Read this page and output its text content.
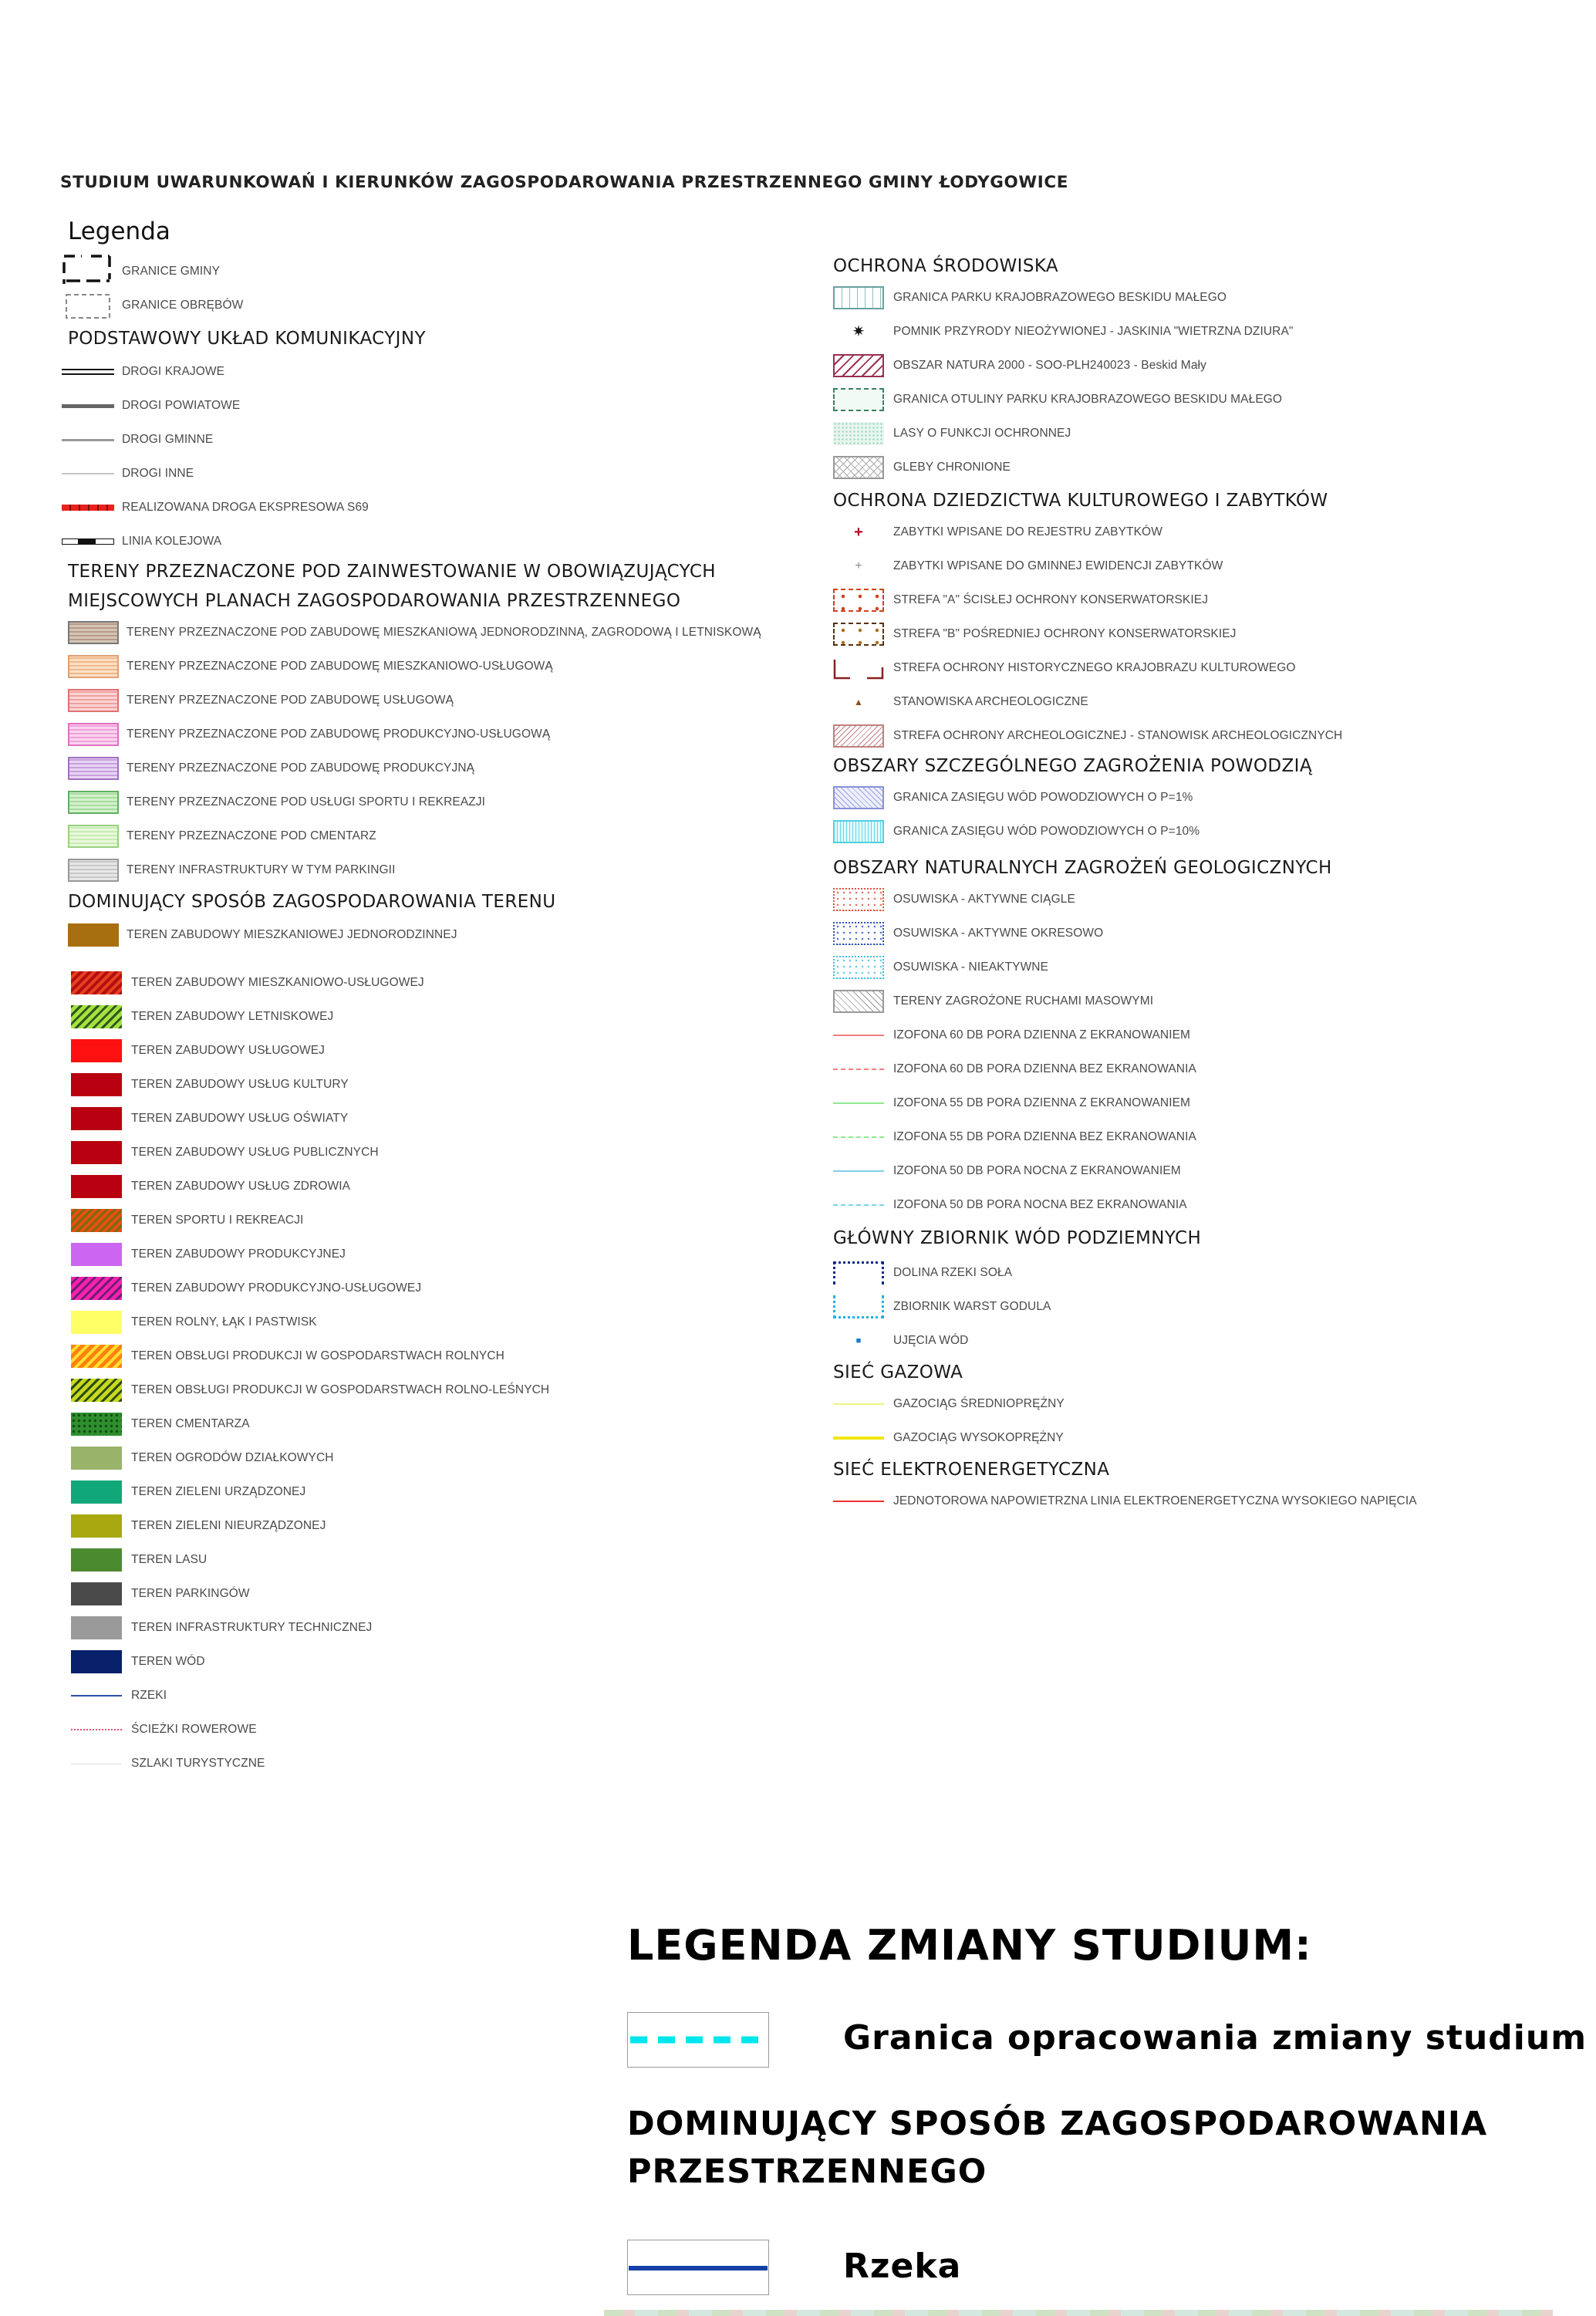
STUDIUM UWARUNKOWAŃ I KIERUNKÓW ZAGOSPODAROWANIA PRZESTRZENNEGO GMINY ŁODYGOWICE
Legenda
GRANICE GMINY
GRANICE OBRĘBÓW
PODSTAWOWY UKŁAD KOMUNIKACYJNY
DROGI KRAJOWE
DROGI POWIATOWE
DROGI GMINNE
DROGI INNE
REALIZOWANA DROGA EKSPRESOWA S69
LINIA KOLEJOWA
TERENY PRZEZNACZONE POD ZAINWESTOWANIE W OBOWIĄZUJĄCYCH
MIEJSCOWYCH PLANACH ZAGOSPODAROWANIA PRZESTRZENNEGO
TERENY PRZEZNACZONE POD ZABUDOWĘ MIESZKANIOWĄ JEDNORODZINNĄ, ZAGRODOWĄ I LETNISKOWĄ
TERENY PRZEZNACZONE POD ZABUDOWĘ MIESZKANIOWO-USŁUGOWĄ
TERENY PRZEZNACZONE POD ZABUDOWĘ USŁUGOWĄ
TERENY PRZEZNACZONE POD ZABUDOWĘ PRODUKCYJNO-USŁUGOWĄ
TERENY PRZEZNACZONE POD ZABUDOWĘ PRODUKCYJNĄ
TERENY PRZEZNACZONE POD USŁUGI SPORTU I REKREAZJI
TERENY PRZEZNACZONE POD CMENTARZ
TERENY INFRASTRUKTURY W TYM PARKINGII
DOMINUJĄCY SPOSÓB ZAGOSPODAROWANIA TERENU
TEREN ZABUDOWY MIESZKANIOWEJ JEDNORODZINNEJ
TEREN ZABUDOWY MIESZKANIOWO-USŁUGOWEJ
TEREN ZABUDOWY LETNISKOWEJ
TEREN ZABUDOWY USŁUGOWEJ
TEREN ZABUDOWY USŁUG KULTURY
TEREN ZABUDOWY USŁUG OŚWIATY
TEREN ZABUDOWY USŁUG PUBLICZNYCH
TEREN ZABUDOWY USŁUG ZDROWIA
TEREN SPORTU I REKREACJI
TEREN ZABUDOWY PRODUKCYJNEJ
TEREN ZABUDOWY PRODUKCYJNO-USŁUGOWEJ
TEREN ROLNY, ŁĄK I PASTWISK
TEREN OBSŁUGI PRODUKCJI W GOSPODARSTWACH ROLNYCH
TEREN OBSŁUGI PRODUKCJI W GOSPODARSTWACH ROLNO-LEŚNYCH
TEREN CMENTARZA
TEREN OGRODÓW DZIAŁKOWYCH
TEREN ZIELENI URZĄDZONEJ
TEREN ZIELENI NIEURZĄDZONEJ
TEREN LASU
TEREN PARKINGÓW
TEREN INFRASTRUKTURY TECHNICZNEJ
TEREN WÓD
RZEKI
ŚCIEŻKI ROWEROWE
SZLAKI TURYSTYCZNE
OCHRONA ŚRODOWISKA
GRANICA PARKU KRAJOBRAZOWEGO BESKIDU MAŁEGO
✷	POMNIK PRZYRODY NIEOŻYWIONEJ - JASKINIA "WIETRZNA DZIURA"
OBSZAR NATURA 2000 - SOO-PLH240023 - Beskid Mały
GRANICA OTULINY PARKU KRAJOBRAZOWEGO BESKIDU MAŁEGO
LASY O FUNKCJI OCHRONNEJ
GLEBY CHRONIONE
OCHRONA DZIEDZICTWA KULTUROWEGO I ZABYTKÓW
+	ZABYTKI WPISANE DO REJESTRU ZABYTKÓW
+	ZABYTKI WPISANE DO GMINNEJ EWIDENCJI ZABYTKÓW
STREFA "A" ŚCISŁEJ OCHRONY KONSERWATORSKIEJ
STREFA "B" POŚREDNIEJ OCHRONY KONSERWATORSKIEJ
STREFA OCHRONY HISTORYCZNEGO KRAJOBRAZU KULTUROWEGO
▲	STANOWISKA ARCHEOLOGICZNE
STREFA OCHRONY ARCHEOLOGICZNEJ - STANOWISK ARCHEOLOGICZNYCH
OBSZARY SZCZEGÓLNEGO ZAGROŻENIA POWODZIĄ
GRANICA ZASIĘGU WÓD POWODZIOWYCH O P=1%
GRANICA ZASIĘGU WÓD POWODZIOWYCH O P=10%
OBSZARY NATURALNYCH ZAGROŻEŃ GEOLOGICZNYCH
OSUWISKA - AKTYWNE CIĄGLE
OSUWISKA - AKTYWNE OKRESOWO
OSUWISKA - NIEAKTYWNE
TERENY ZAGROŻONE RUCHAMI MASOWYMI
IZOFONA 60 DB PORA DZIENNA Z EKRANOWANIEM
IZOFONA 60 DB PORA DZIENNA BEZ EKRANOWANIA
IZOFONA 55 DB PORA DZIENNA Z EKRANOWANIEM
IZOFONA 55 DB PORA DZIENNA BEZ EKRANOWANIA
IZOFONA 50 DB PORA NOCNA Z EKRANOWANIEM
IZOFONA 50 DB PORA NOCNA BEZ EKRANOWANIA
GŁÓWNY ZBIORNIK WÓD PODZIEMNYCH
DOLINA RZEKI SOŁA
ZBIORNIK WARST GODULA
■	UJĘCIA WÓD
SIEĆ GAZOWA
GAZOCIĄG ŚREDNIOPRĘŻNY
GAZOCIĄG WYSOKOPRĘŻNY
SIEĆ ELEKTROENERGETYCZNA
JEDNOTOROWA NAPOWIETRZNA LINIA ELEKTROENERGETYCZNA WYSOKIEGO NAPIĘCIA
LEGENDA ZMIANY STUDIUM:
Granica opracowania zmiany studium
DOMINUJĄCY SPOSÓB ZAGOSPODAROWANIA PRZESTRZENNEGO
Rzeka
